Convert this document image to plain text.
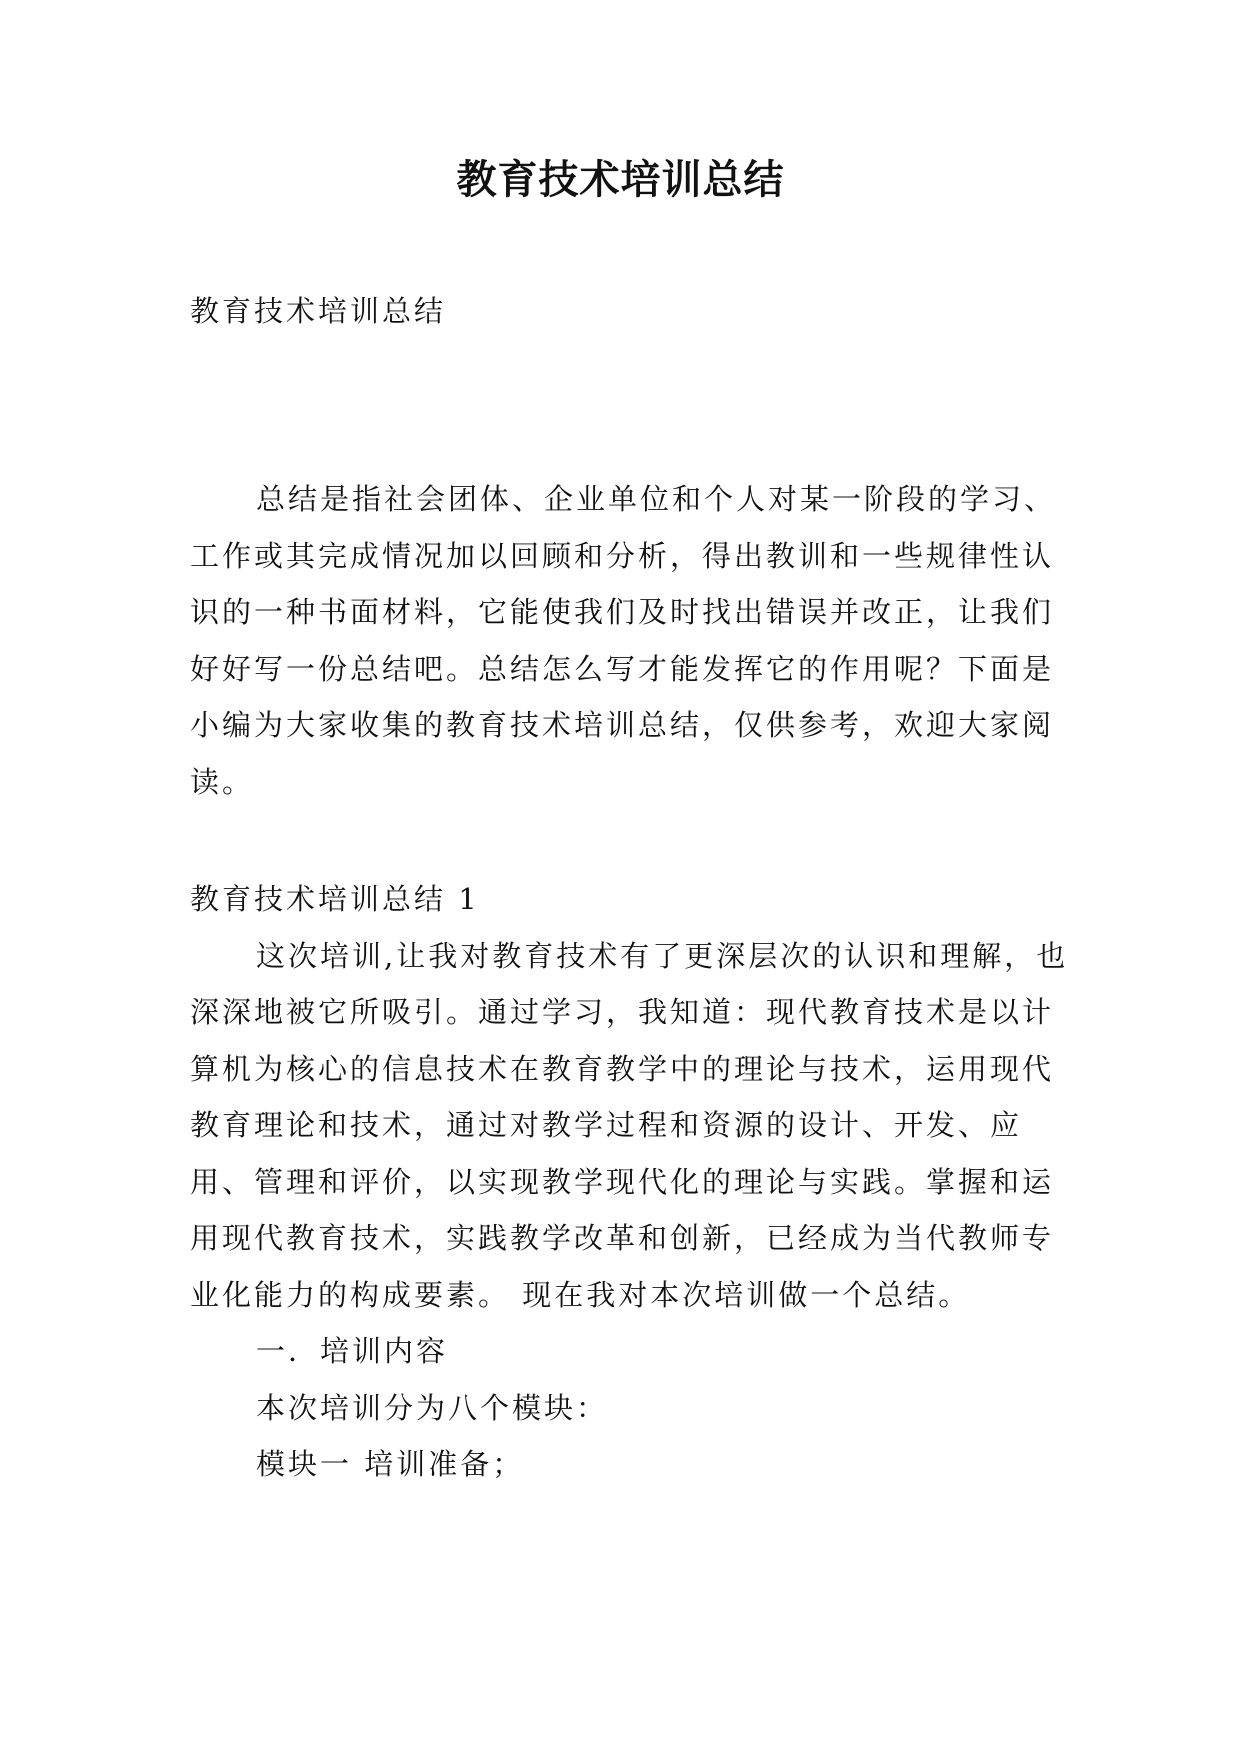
教育技术培训总结
教育技术培训总结

总结是指社会团体、企业单位和个人对某一阶段的学习、工作或其完成情况加以回顾和分析，得出教训和一些规律性认识的一种书面材料，它能使我们及时找出错误并改正，让我们好好写一份总结吧。总结怎么写才能发挥它的作用呢？下面是小编为大家收集的教育技术培训总结，仅供参考，欢迎大家阅读。

教育技术培训总结 1

这次培训,让我对教育技术有了更深层次的认识和理解，也深深地被它所吸引。通过学习，我知道：现代教育技术是以计算机为核心的信息技术在教育教学中的理论与技术，运用现代教育理论和技术，通过对教学过程和资源的设计、开发、应用、管理和评价，以实现教学现代化的理论与实践。掌握和运用现代教育技术，实践教学改革和创新，已经成为当代教师专业化能力的构成要素。 现在我对本次培训做一个总结。

一．培训内容

本次培训分为八个模块：

模块一 培训准备；
